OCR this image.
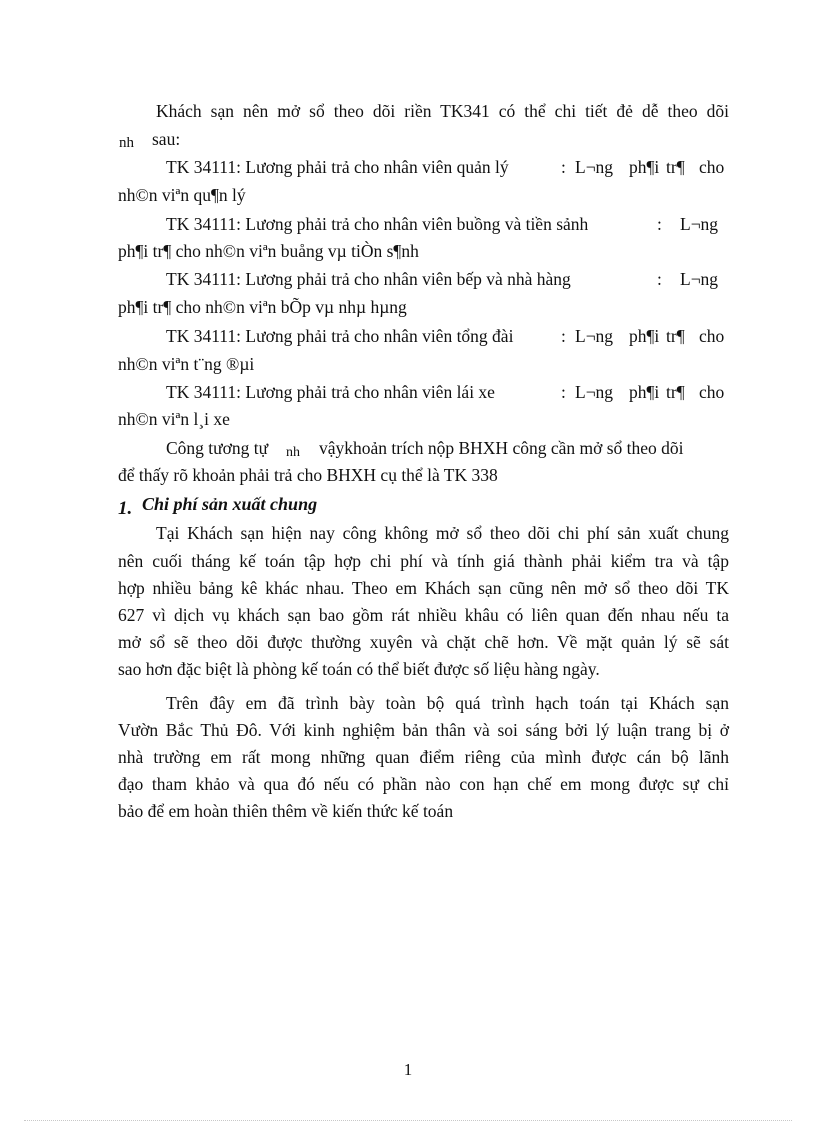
Khách sạn nên mở sổ theo dõi riền TK341 có thể chi tiết đẻ dễ theo dõi

nh sau:
TK 34111: Lương phải trả cho nhân viên quản lý	: L¬ng ph¶i tr¶ cho
nh©n viªn qu¶n lý
TK 34111: Lương phải trả cho nhân viên buồng và tiền sảnh	: L¬ng
ph¶i tr¶ cho nh©n viªn buång vµ tiÒn s¶nh
TK 34111: Lương phải trả cho nhân viên bếp và nhà hàng	: L¬ng
ph¶i tr¶ cho nh©n viªn bÕp vµ nhµ hµng
TK 34111: Lương phải trả cho nhân viên tổng đài	: L¬ng ph¶i tr¶ cho
nh©n viªn t¨ng ®µi
TK 34111: Lương phải trả cho nhân viên lái xe	: L¬ng ph¶i tr¶ cho
nh©n viªn l¸i xe
Công tương tự nh vậykhoản trích nộp BHXH công cần mở sổ theo dõi
để thấy rõ khoản phải trả cho BHXH cụ thể là TK 338
1. Chi phí sản xuất chung

Tại Khách sạn hiện nay công không mở sổ theo dõi chi phí sản xuất chung

nên cuối tháng kế toán tập hợp chi phí và tính giá thành phải kiểm tra và tập

hợp nhiều bảng kê khác nhau. Theo em Khách sạn cũng nên mở sổ theo dõi TK

627 vì dịch vụ khách sạn bao gồm rát nhiều khâu có liên quan đến nhau nếu ta

mở sổ sẽ theo dõi được thường xuyên và chặt chẽ hơn. Về mặt quản lý sẽ sát

sao hơn đặc biệt là phòng kế toán có thể biết được số liệu hàng ngày.

Trên đây em đã trình bày toàn bộ quá trình hạch toán tại Khách sạn

Vườn Bắc Thủ Đô. Với kinh nghiệm bản thân và soi sáng bởi lý luận trang bị ở

nhà trường em rất mong những quan điểm riêng của mình được cán bộ lãnh

đạo tham khảo và qua đó nếu có phần nào con hạn chế em mong được sự chỉ

bảo để em hoàn thiên thêm về kiến thức kế toán
1
